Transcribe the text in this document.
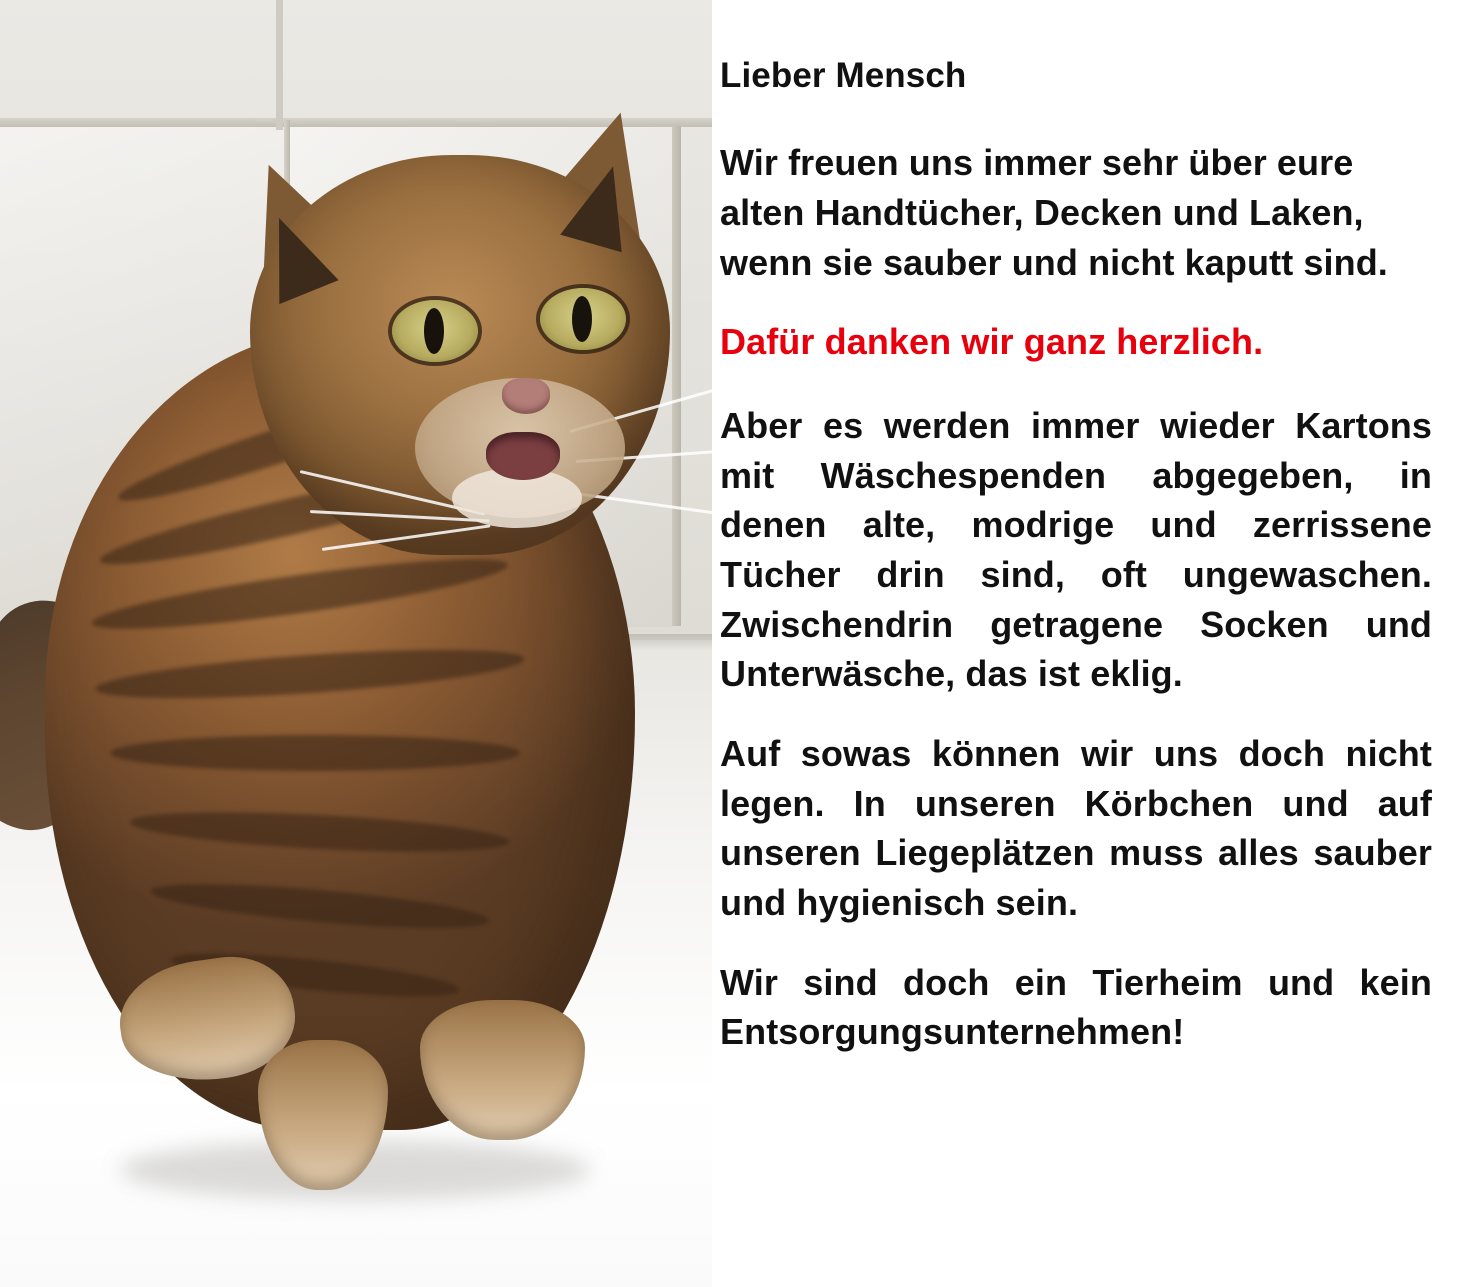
Lieber Mensch

Wir freuen uns immer sehr über eure alten Handtücher, Decken und Laken, wenn sie sauber und nicht kaputt sind.

Dafür danken wir ganz herzlich.

Aber es werden immer wieder Kartons mit Wäschespenden abgegeben, in denen alte, modrige und zerrissene Tücher drin sind, oft ungewaschen. Zwischendrin getragene Socken und Unterwäsche, das ist eklig.

Auf sowas können wir uns doch nicht legen. In unseren Körbchen und auf unseren Liegeplätzen muss alles sauber und hygienisch sein.

Wir sind doch ein Tierheim und kein Entsorgungsunternehmen!
